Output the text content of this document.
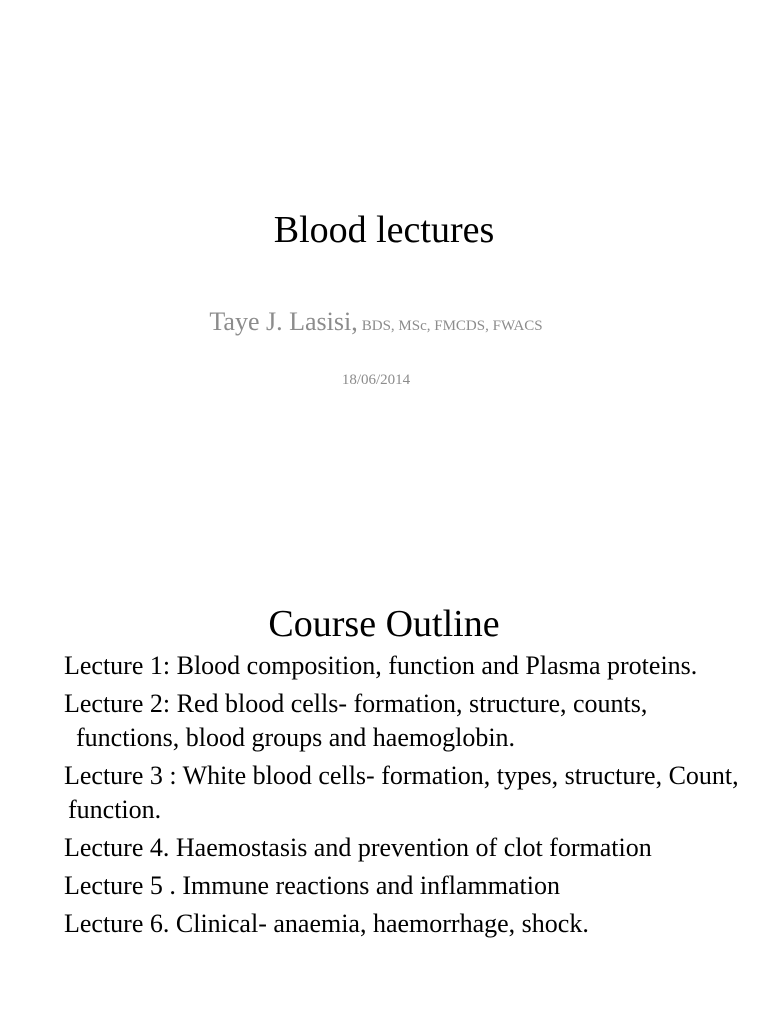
Blood lectures
Taye J. Lasisi, BDS, MSc, FMCDS, FWACS
18/06/2014
Course Outline
Lecture 1: Blood composition, function and Plasma proteins.
Lecture 2: Red blood cells- formation, structure, counts, functions, blood groups and haemoglobin.
Lecture 3 : White blood cells- formation, types, structure, Count, function.
Lecture 4. Haemostasis and prevention of clot formation
Lecture 5 . Immune reactions and inflammation
Lecture 6. Clinical- anaemia, haemorrhage, shock.
